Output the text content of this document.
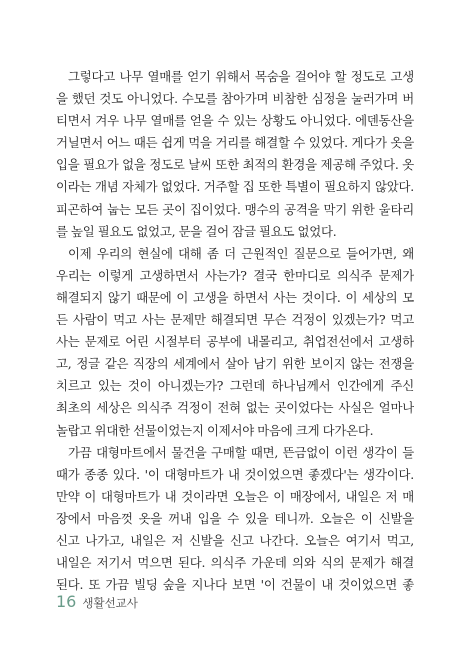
그렇다고 나무 열매를 얻기 위해서 목숨을 걸어야 할 정도로 고생
을 했던 것도 아니었다. 수모를 참아가며 비참한 심정을 눌러가며 버
티면서 겨우 나무 열매를 얻을 수 있는 상황도 아니었다. 에덴동산을
거닐면서 어느 때든 쉽게 먹을 거리를 해결할 수 있었다. 게다가 옷을
입을 필요가 없을 정도로 날씨 또한 최적의 환경을 제공해 주었다. 옷
이라는 개념 자체가 없었다. 거주할 집 또한 특별이 필요하지 않았다.
피곤하여 눕는 모든 곳이 집이었다. 맹수의 공격을 막기 위한 울타리
를 높일 필요도 없었고, 문을 걸어 잠글 필요도 없었다.
이제 우리의 현실에 대해 좀 더 근원적인 질문으로 들어가면, 왜
우리는 이렇게 고생하면서 사는가? 결국 한마디로 의식주 문제가
해결되지 않기 때문에 이 고생을 하면서 사는 것이다. 이 세상의 모
든 사람이 먹고 사는 문제만 해결되면 무슨 걱정이 있겠는가? 먹고
사는 문제로 어린 시절부터 공부에 내몰리고, 취업전선에서 고생하
고, 정글 같은 직장의 세계에서 살아 남기 위한 보이지 않는 전쟁을
치르고 있는 것이 아니겠는가? 그런데 하나님께서 인간에게 주신
최초의 세상은 의식주 걱정이 전혀 없는 곳이었다는 사실은 얼마나
놀랍고 위대한 선물이었는지 이제서야 마음에 크게 다가온다.
가끔 대형마트에서 물건을 구매할 때면, 뜬금없이 이런 생각이 들
때가 종종 있다. '이 대형마트가 내 것이었으면 좋겠다'는 생각이다.
만약 이 대형마트가 내 것이라면 오늘은 이 매장에서, 내일은 저 매
장에서 마음껏 옷을 꺼내 입을 수 있을 테니까. 오늘은 이 신발을
신고 나가고, 내일은 저 신발을 신고 나간다. 오늘은 여기서 먹고,
내일은 저기서 먹으면 된다. 의식주 가운데 의와 식의 문제가 해결
된다. 또 가끔 빌딩 숲을 지나다 보면 '이 건물이 내 것이었으면 좋
16 생활선교사
